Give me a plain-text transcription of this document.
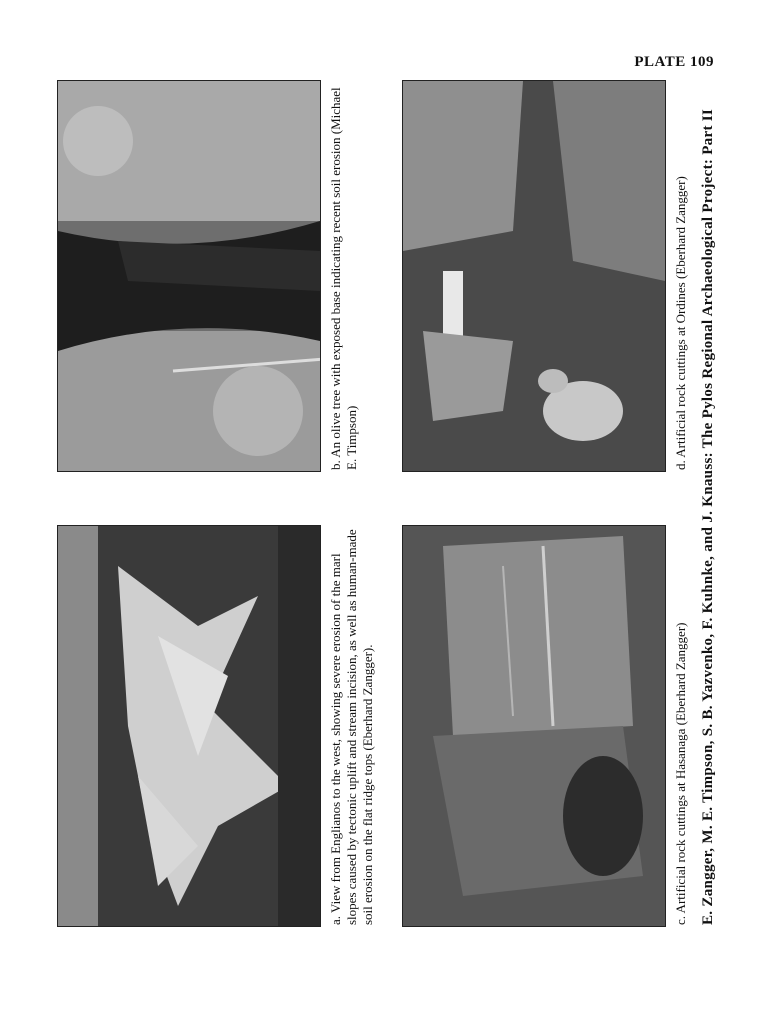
PLATE 109
b. An olive tree with exposed base indicating recent soil erosion (Michael E. Timpson)
a. View from Englianos to the west, showing severe erosion of the marl slopes caused by tectonic uplift and stream incision, as well as human-made soil erosion on the flat ridge tops (Eberhard Zangger).
d. Artificial rock cuttings at Ordines (Eberhard Zangger)
c. Artificial rock cuttings at Hasanaga (Eberhard Zangger) E. Zangger, M. E. Timpson, S. B. Yazvenko, F. Kuhnke, and J. Knauss: The Pylos Regional Archaeological Project: Part II
